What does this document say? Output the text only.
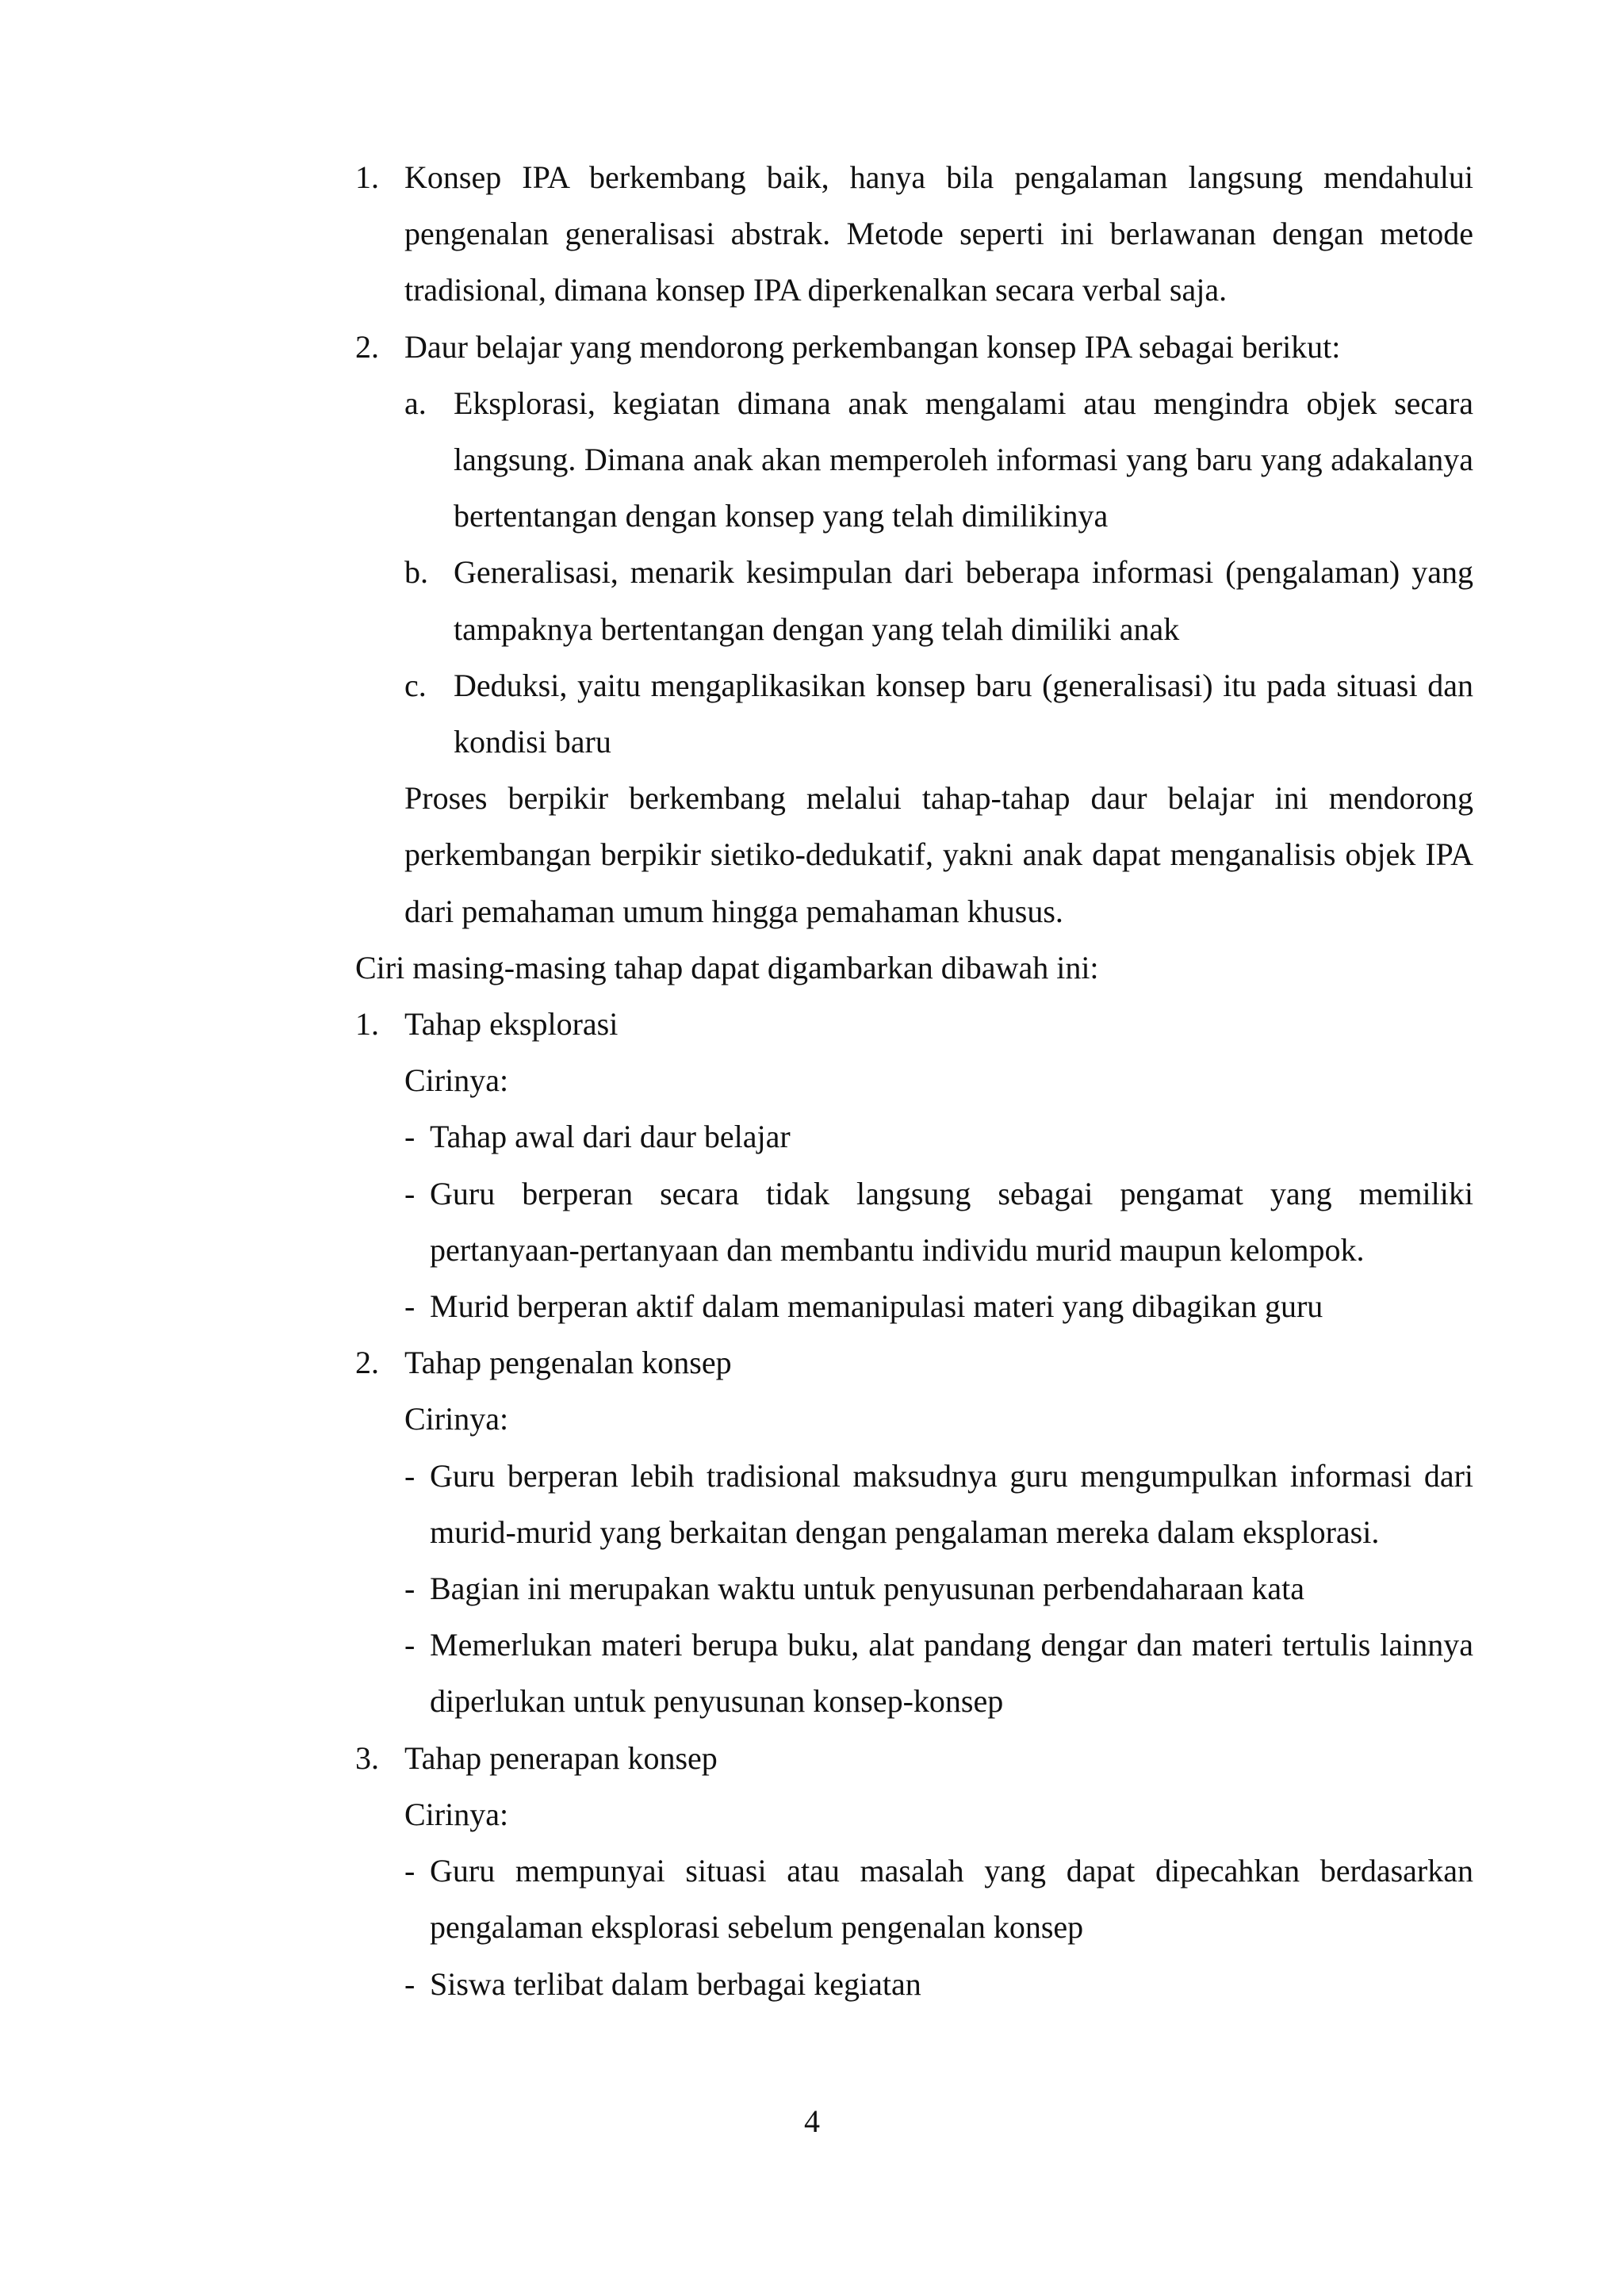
1. Konsep IPA berkembang baik, hanya bila pengalaman langsung mendahului pengenalan generalisasi abstrak. Metode seperti ini berlawanan dengan metode tradisional, dimana konsep IPA diperkenalkan secara verbal saja.
2. Daur belajar yang mendorong perkembangan konsep IPA sebagai berikut:
a. Eksplorasi, kegiatan dimana anak mengalami atau mengindra objek secara langsung. Dimana anak akan memperoleh informasi yang baru yang adakalanya bertentangan dengan konsep yang telah dimilikinya
b. Generalisasi, menarik kesimpulan dari beberapa informasi (pengalaman) yang tampaknya bertentangan dengan yang telah dimiliki anak
c. Deduksi, yaitu mengaplikasikan konsep baru (generalisasi) itu pada situasi dan kondisi baru
Proses berpikir berkembang melalui tahap-tahap daur belajar ini mendorong perkembangan berpikir sietiko-dedukatif, yakni anak dapat menganalisis objek IPA dari pemahaman umum hingga pemahaman khusus.
Ciri masing-masing tahap dapat digambarkan dibawah ini:
1. Tahap eksplorasi
Cirinya:
- Tahap awal dari daur belajar
- Guru berperan secara tidak langsung sebagai pengamat yang memiliki pertanyaan-pertanyaan dan membantu individu murid maupun kelompok.
- Murid berperan aktif dalam memanipulasi materi yang dibagikan guru
2. Tahap pengenalan konsep
Cirinya:
- Guru berperan lebih tradisional maksudnya guru mengumpulkan informasi dari murid-murid yang berkaitan dengan pengalaman mereka dalam eksplorasi.
- Bagian ini merupakan waktu untuk penyusunan perbendaharaan kata
- Memerlukan materi berupa buku, alat pandang dengar dan materi tertulis lainnya diperlukan untuk penyusunan konsep-konsep
3. Tahap penerapan konsep
Cirinya:
- Guru mempunyai situasi atau masalah yang dapat dipecahkan berdasarkan pengalaman eksplorasi sebelum pengenalan konsep
- Siswa terlibat dalam berbagai kegiatan
4
